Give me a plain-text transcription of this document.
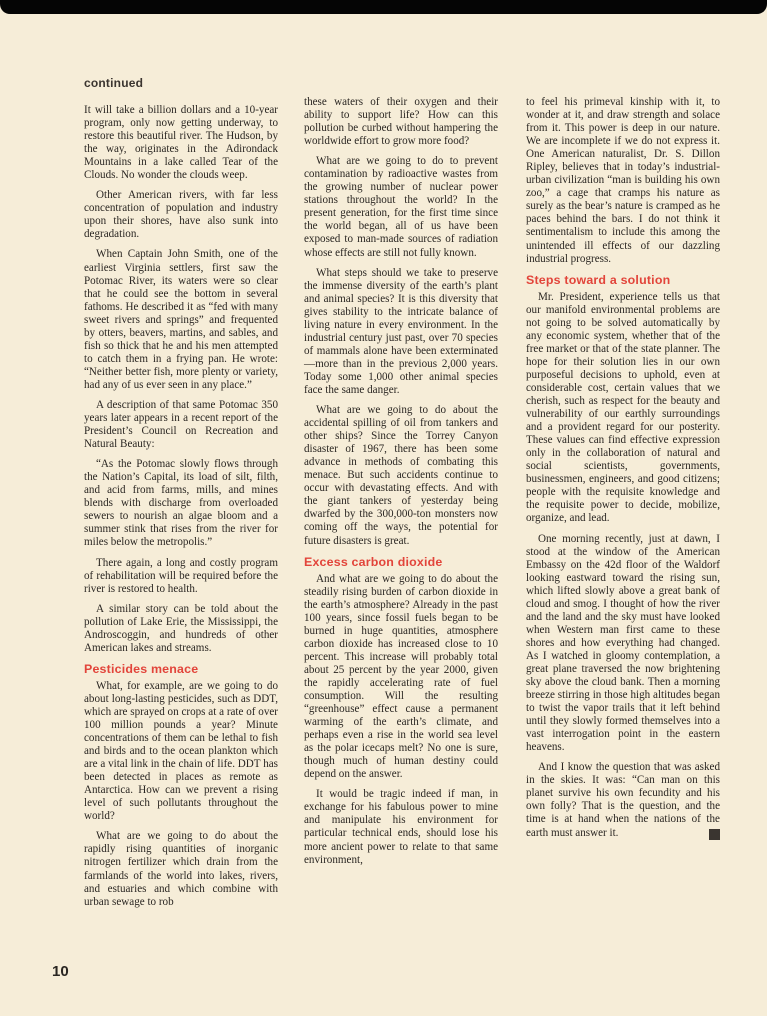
continued

It will take a billion dollars and a 10-year program, only now getting underway, to restore this beautiful river. The Hudson, by the way, originates in the Adirondack Mountains in a lake called Tear of the Clouds. No wonder the clouds weep.

Other American rivers, with far less concentration of population and industry upon their shores, have also sunk into degradation.

When Captain John Smith, one of the earliest Virginia settlers, first saw the Potomac River, its waters were so clear that he could see the bottom in several fathoms. He described it as “fed with many sweet rivers and springs” and frequented by otters, beavers, martins, and sables, and fish so thick that he and his men attempted to catch them in a frying pan. He wrote: “Neither better fish, more plenty or variety, had any of us ever seen in any place.”

A description of that same Potomac 350 years later appears in a recent report of the President’s Council on Recreation and Natural Beauty:

“As the Potomac slowly flows through the Nation’s Capital, its load of silt, filth, and acid from farms, mills, and mines blends with discharge from overloaded sewers to nourish an algae bloom and a summer stink that rises from the river for miles below the metropolis.”

There again, a long and costly program of rehabilitation will be required before the river is restored to health.

A similar story can be told about the pollution of Lake Erie, the Mississippi, the Androscoggin, and hundreds of other American lakes and streams.

Pesticides menace

What, for example, are we going to do about long-lasting pesticides, such as DDT, which are sprayed on crops at a rate of over 100 million pounds a year? Minute concentrations of them can be lethal to fish and birds and to the ocean plankton which are a vital link in the chain of life. DDT has been detected in places as remote as Antarctica. How can we prevent a rising level of such pollutants throughout the world?

What are we going to do about the rapidly rising quantities of inorganic nitrogen fertilizer which drain from the farmlands of the world into lakes, rivers, and estuaries and which combine with urban sewage to rob

these waters of their oxygen and their ability to support life? How can this pollution be curbed without hampering the worldwide effort to grow more food?

What are we going to do to prevent contamination by radioactive wastes from the growing number of nuclear power stations throughout the world? In the present generation, for the first time since the world began, all of us have been exposed to man-made sources of radiation whose effects are still not fully known.

What steps should we take to preserve the immense diversity of the earth’s plant and animal species? It is this diversity that gives stability to the intricate balance of living nature in every environment. In the industrial century just past, over 70 species of mammals alone have been exterminated—more than in the previous 2,000 years. Today some 1,000 other animal species face the same danger.

What are we going to do about the accidental spilling of oil from tankers and other ships? Since the Torrey Canyon disaster of 1967, there has been some advance in methods of combating this menace. But such accidents continue to occur with devastating effects. And with the giant tankers of yesterday being dwarfed by the 300,000-ton monsters now coming off the ways, the potential for future disasters is great.

Excess carbon dioxide

And what are we going to do about the steadily rising burden of carbon dioxide in the earth’s atmosphere? Already in the past 100 years, since fossil fuels began to be burned in huge quantities, atmosphere carbon dioxide has increased close to 10 percent. This increase will probably total about 25 percent by the year 2000, given the rapidly accelerating rate of fuel consumption. Will the resulting “greenhouse” effect cause a permanent warming of the earth’s climate, and perhaps even a rise in the world sea level as the polar icecaps melt? No one is sure, though much of human destiny could depend on the answer.

It would be tragic indeed if man, in exchange for his fabulous power to mine and manipulate his environment for particular technical ends, should lose his more ancient power to relate to that same environment,

to feel his primeval kinship with it, to wonder at it, and draw strength and solace from it. This power is deep in our nature. We are incomplete if we do not express it. One American naturalist, Dr. S. Dillon Ripley, believes that in today’s industrial-urban civilization “man is building his own zoo,” a cage that cramps his nature as surely as the bear’s nature is cramped as he paces behind the bars. I do not think it sentimentalism to include this among the unintended ill effects of our dazzling industrial progress.

Steps toward a solution

Mr. President, experience tells us that our manifold environmental problems are not going to be solved automatically by any economic system, whether that of the free market or that of the state planner. The hope for their solution lies in our own purposeful decisions to uphold, even at considerable cost, certain values that we cherish, such as respect for the beauty and vulnerability of our earthly surroundings and a provident regard for our posterity. These values can find effective expression only in the collaboration of natural and social scientists, governments, businessmen, engineers, and good citizens; people with the requisite knowledge and the requisite power to decide, mobilize, organize, and lead.

One morning recently, just at dawn, I stood at the window of the American Embassy on the 42d floor of the Waldorf looking eastward toward the rising sun, which lifted slowly above a great bank of cloud and smog. I thought of how the river and the land and the sky must have looked when Western man first came to these shores and how everything had changed. As I watched in gloomy contemplation, a great plane traversed the now brightening sky above the cloud bank. Then a morning breeze stirring in those high altitudes began to twist the vapor trails that it left behind until they slowly formed themselves into a vast interrogation point in the eastern heavens.

And I know the question that was asked in the skies. It was: “Can man on this planet survive his own fecundity and his own folly? That is the question, and the time is at hand when the nations of the earth must answer it.	+

10
